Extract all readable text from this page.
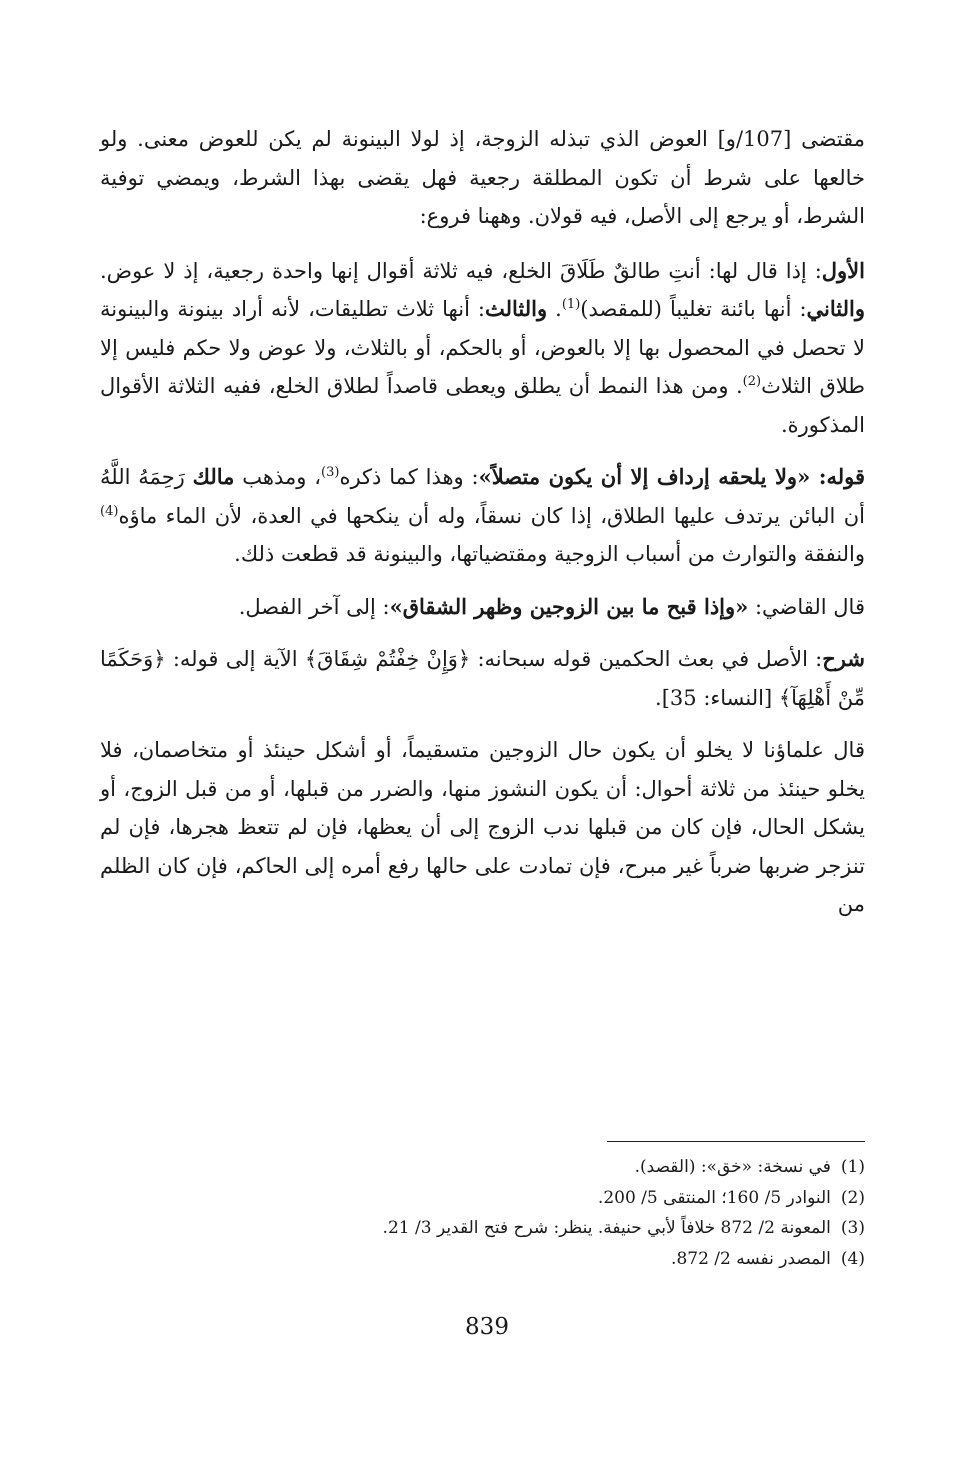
مقتضى [107/و] العوض الذي تبذله الزوجة، إذ لولا البينونة لم يكن للعوض معنى. ولو خالعها على شرط أن تكون المطلقة رجعية فهل يقضى بهذا الشرط، ويمضي توفية الشرط، أو يرجع إلى الأصل، فيه قولان. وههنا فروع:

الأول: إذا قال لها: أنتِ طالقٌ طَلَاقَ الخلع، فيه ثلاثة أقوال إنها واحدة رجعية، إذ لا عوض. والثاني: أنها بائنة تغليباً (للمقصد)$^{(1)}$. والثالث: أنها ثلاث تطليقات، لأنه أراد بينونة والبينونة لا تحصل في المحصول بها إلا بالعوض، أو بالحكم، أو بالثلاث، ولا عوض ولا حكم فليس إلا طلاق الثلاث$^{(2)}$. ومن هذا النمط أن يطلق ويعطى قاصداً لطلاق الخلع، ففيه الثلاثة الأقوال المذكورة.

قوله: «ولا يلحقه إرداف إلا أن يكون متصلاً»: وهذا كما ذكره$^{(3)}$، ومذهب مالك رَحِمَهُ اللَّهُ أن البائن يرتدف عليها الطلاق، إذا كان نسقاً، وله أن ينكحها في العدة، لأن الماء ماؤه$^{(4)}$ والنفقة والتوارث من أسباب الزوجية ومقتضياتها، والبينونة قد قطعت ذلك.

قال القاضي: «وإذا قبح ما بين الزوجين وظهر الشقاق»: إلى آخر الفصل.

شرح: الأصل في بعث الحكمين قوله سبحانه: ﴿وَإِنْ خِفْتُمْ شِقَاقَ﴾ الآية إلى قوله: ﴿وَحَكَمًا مِّنْ أَهْلِهَآ﴾ [النساء: 35].

قال علماؤنا لا يخلو أن يكون حال الزوجين متسقيماً، أو أشكل حينئذ أو متخاصمان، فلا يخلو حينئذ من ثلاثة أحوال: أن يكون النشوز منها، والضرر من قبلها، أو من قبل الزوج، أو يشكل الحال، فإن كان من قبلها ندب الزوج إلى أن يعظها، فإن لم تتعظ هجرها، فإن لم تنزجر ضربها ضرباً غير مبرح، فإن تمادت على حالها رفع أمره إلى الحاكم، فإن كان الظلم من

(1)في نسخة: «خق»: (القصد).

(2)النوادر 5/ 160؛ المنتقى 5/ 200.

(3)المعونة 2/ 872 خلافاً لأبي حنيفة. ينظر: شرح فتح القدير 3/ 21.

(4)المصدر نفسه 2/ 872.

839
